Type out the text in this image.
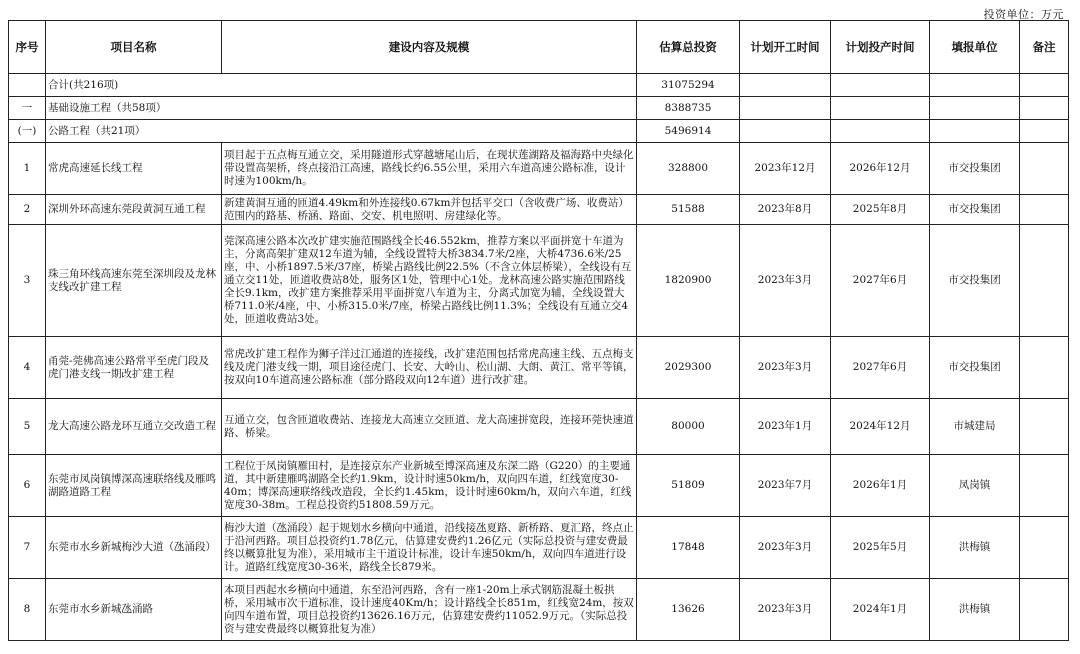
投资单位：万元
序号	项目名称	建设内容及规模	估算总投资	计划开工时间	计划投产时间	填报单位	备注
	合计(共216项)		31075294				
一	基础设施工程（共58项）		8388735				
(一)	公路工程（共21项）		5496914				
1	常虎高速延长线工程	项目起于五点梅互通立交，采用隧道形式穿越塘尾山后，在现状莲湖路及福海路中央绿化带设置高架桥，终点接沿江高速，路线长约6.55公里，采用六车道高速公路标准，设计时速为100km/h。	328800	2023年12月	2026年12月	市交投集团	
2	深圳外环高速东莞段黄洞互通工程	新建黄洞互通的匝道4.49km和外连接线0.67km并包括平交口（含收费广场、收费站）范围内的路基、桥涵、路面、交安、机电照明、房建绿化等。	51588	2023年8月	2025年8月	市交投集团	
3	珠三角环线高速东莞至深圳段及龙林支线改扩建工程	莞深高速公路本次改扩建实施范围路线全长46.552km，推荐方案以平面拼宽十车道为主，分离高架扩建双12车道为辅，全线设置特大桥3834.7米/2座，大桥4736.6米/25座，中、小桥1897.5米/37座，桥梁占路线比例22.5%（不含立体层桥梁），全线设有互通立交11处，匝道收费站8处，服务区1处，管理中心1处。龙林高速公路实施范围路线全长9.1km，改扩建方案推荐采用平面拼宽八车道为主，分离式加宽为辅，全线设置大桥711.0米/4座，中、小桥315.0米/7座，桥梁占路线比例11.3%；全线设有互通立交4处，匝道收费站3处。	1820900	2023年3月	2027年6月	市交投集团	
4	甬莞-莞佛高速公路常平至虎门段及虎门港支线一期改扩建工程	常虎改扩建工程作为狮子洋过江通道的连接线，改扩建范围包括常虎高速主线、五点梅支线及虎门港支线一期，项目途径虎门、长安、大岭山、松山湖、大朗、黄江、常平等镇，按双向10车道高速公路标准（部分路段双向12车道）进行改扩建。	2029300	2023年3月	2027年6月	市交投集团	
5	龙大高速公路龙环互通立交改造工程	互通立交，包含匝道收费站、连接龙大高速立交匝道、龙大高速拼宽段，连接环莞快速道路、桥梁。	80000	2023年1月	2024年12月	市城建局	
6	东莞市凤岗镇博深高速联络线及雁鸣湖路道路工程	工程位于凤岗镇雁田村，是连接京东产业新城至博深高速及东深二路（G220）的主要通道，其中新建雁鸣湖路全长约1.9km，设计时速50km/h，双向四车道，红线宽度30-40m；博深高速联络线改造段，全长约1.45km，设计时速60km/h，双向六车道，红线宽度30-38m。工程总投资约51808.59万元。	51809	2023年7月	2026年1月	凤岗镇	
7	东莞市水乡新城梅沙大道（氹涌段）	梅沙大道（氹涌段）起于规划水乡横向中通道，沿线接氹夏路、新桥路、夏汇路，终点止于沿河西路。项目总投资约1.78亿元，估算建安费约1.26亿元（实际总投资与建安费最终以概算批复为准），采用城市主干道设计标准，设计车速50km/h，双向四车道进行设计。道路红线宽度30-36米，路线全长879米。	17848	2023年3月	2025年5月	洪梅镇	
8	东莞市水乡新城氹涌路	本项目西起水乡横向中通道，东至沿河西路，含有一座1-20m上承式钢筋混凝土板拱桥，采用城市次干道标准，设计速度40Km/h；设计路线全长851m，红线宽24m，按双向四车道布置，项目总投资约13626.16万元，估算建安费约11052.9万元。（实际总投资与建安费最终以概算批复为准）	13626	2023年3月	2024年1月	洪梅镇	
